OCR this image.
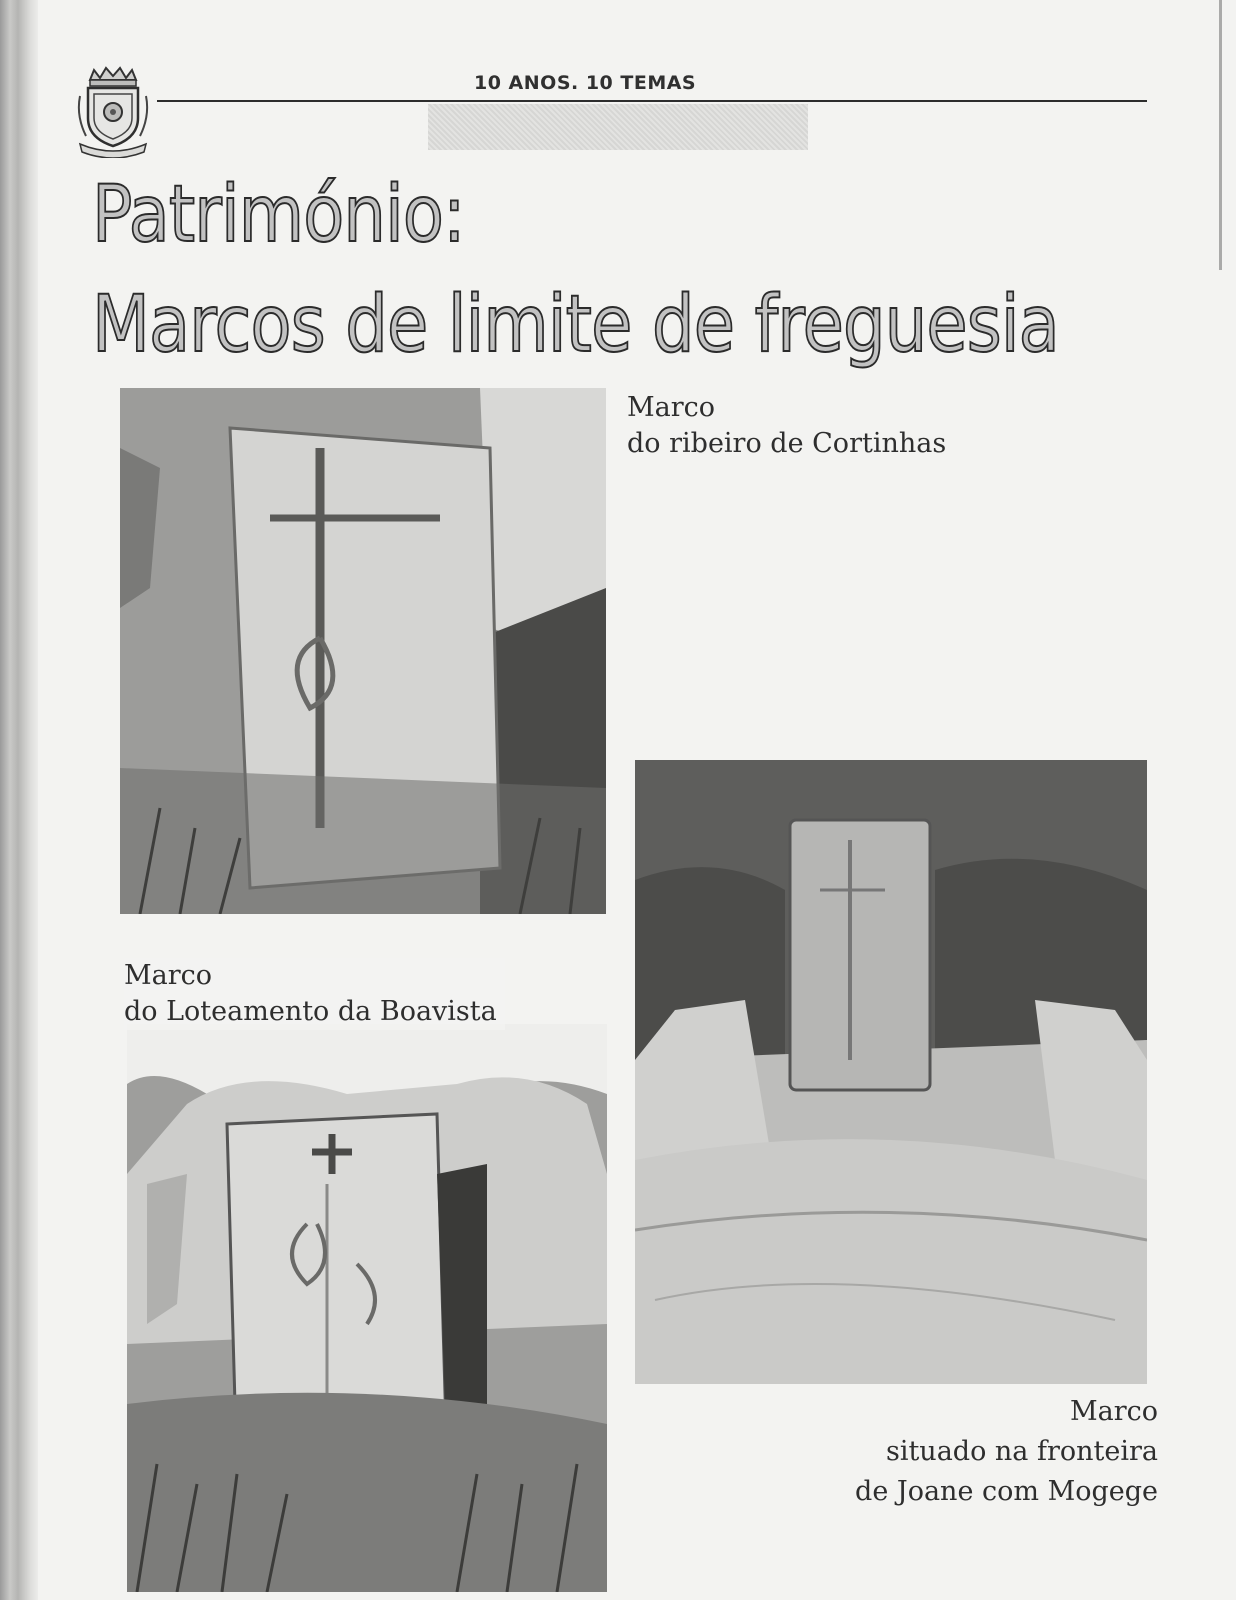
10 ANOS. 10 TEMAS
Património:
Marcos de limite de freguesia
Marco
do ribeiro de Cortinhas
Marco
do Loteamento da Boavista
Marco
situado na fronteira
de Joane com Mogege
